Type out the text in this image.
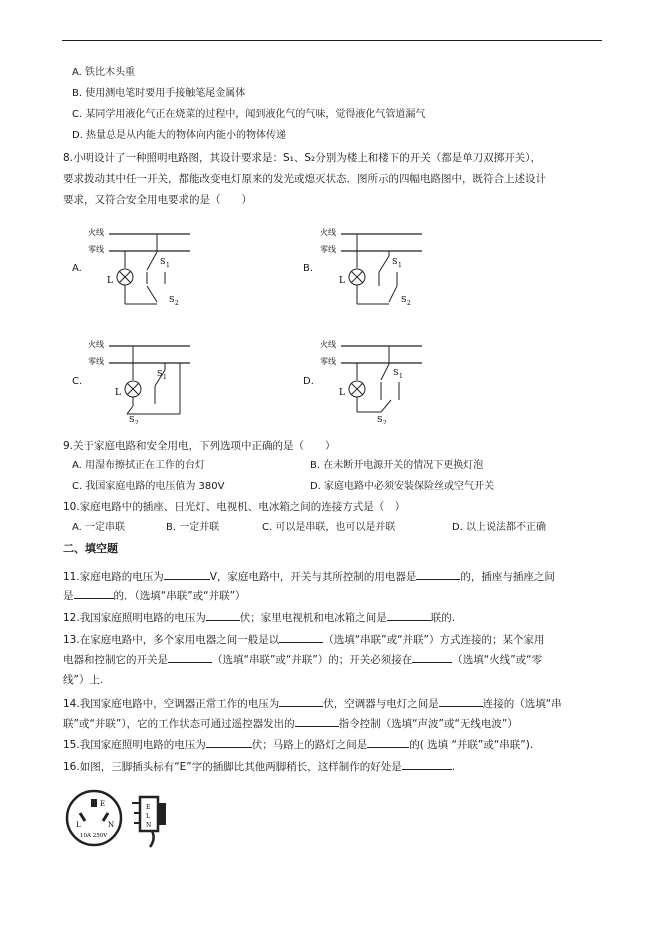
A. 铁比木头重
B. 使用测电笔时要用手接触笔尾金属体
C. 某同学用液化气正在烧菜的过程中，闻到液化气的气味，觉得液化气管道漏气
D. 热量总是从内能大的物体向内能小的物体传递
8.小明设计了一种照明电路图，其设计要求是：S₁、S₂分别为楼上和楼下的开关（都是单刀双掷开关），
要求拨动其中任一开关，都能改变电灯原来的发光或熄灭状态．图所示的四幅电路图中，既符合上述设计
要求，又符合安全用电要求的是（　　）
A.
火线
零线
L
S 1
S 2
B.
火线
零线
L
S 1
S 2
C.
火线
零线
L
S 2
S 1	D.
火线
零线
L
S 1
S 2
9.关于家庭电路和安全用电，下列选项中正确的是（　　）
A. 用湿布擦拭正在工作的台灯	B. 在未断开电源开关的情况下更换灯泡
C. 我国家庭电路的电压值为 380V	D. 家庭电路中必须安装保险丝或空气开关
10.家庭电路中的插座、日光灯、电视机、电冰箱之间的连接方式是（　）
A. 一定串联	B. 一定并联	C. 可以是串联，也可以是并联	D. 以上说法都不正确
二、填空题
11.家庭电路的电压为	V，家庭电路中，开关与其所控制的用电器是	的，插座与插座之间
是	的．（选填“串联”或“并联”）
12.我国家庭照明电路的电压为	伏；家里电视机和电冰箱之间是	联的.
13.在家庭电路中，多个家用电器之间一般是以	（选填“串联”或“并联”）方式连接的；某个家用
电器和控制它的开关是	（选填“串联”或“并联”）的；开关必须接在	（选填“火线”或“零
线”）上.
14.我国家庭电路中，空调器正常工作的电压为	伏，空调器与电灯之间是	连接的（选填“串
联”或“并联”），它的工作状态可通过遥控器发出的	指令控制（选填“声波”或“无线电波”）
15.我国家庭照明电路的电压为	伏；马路上的路灯之间是	的( 选填 “并联”或“串联”).
16.如图，三脚插头标有“E”字的插脚比其他两脚稍长，这样制作的好处是	.
E
L	N
10A 250V
E
L
N
